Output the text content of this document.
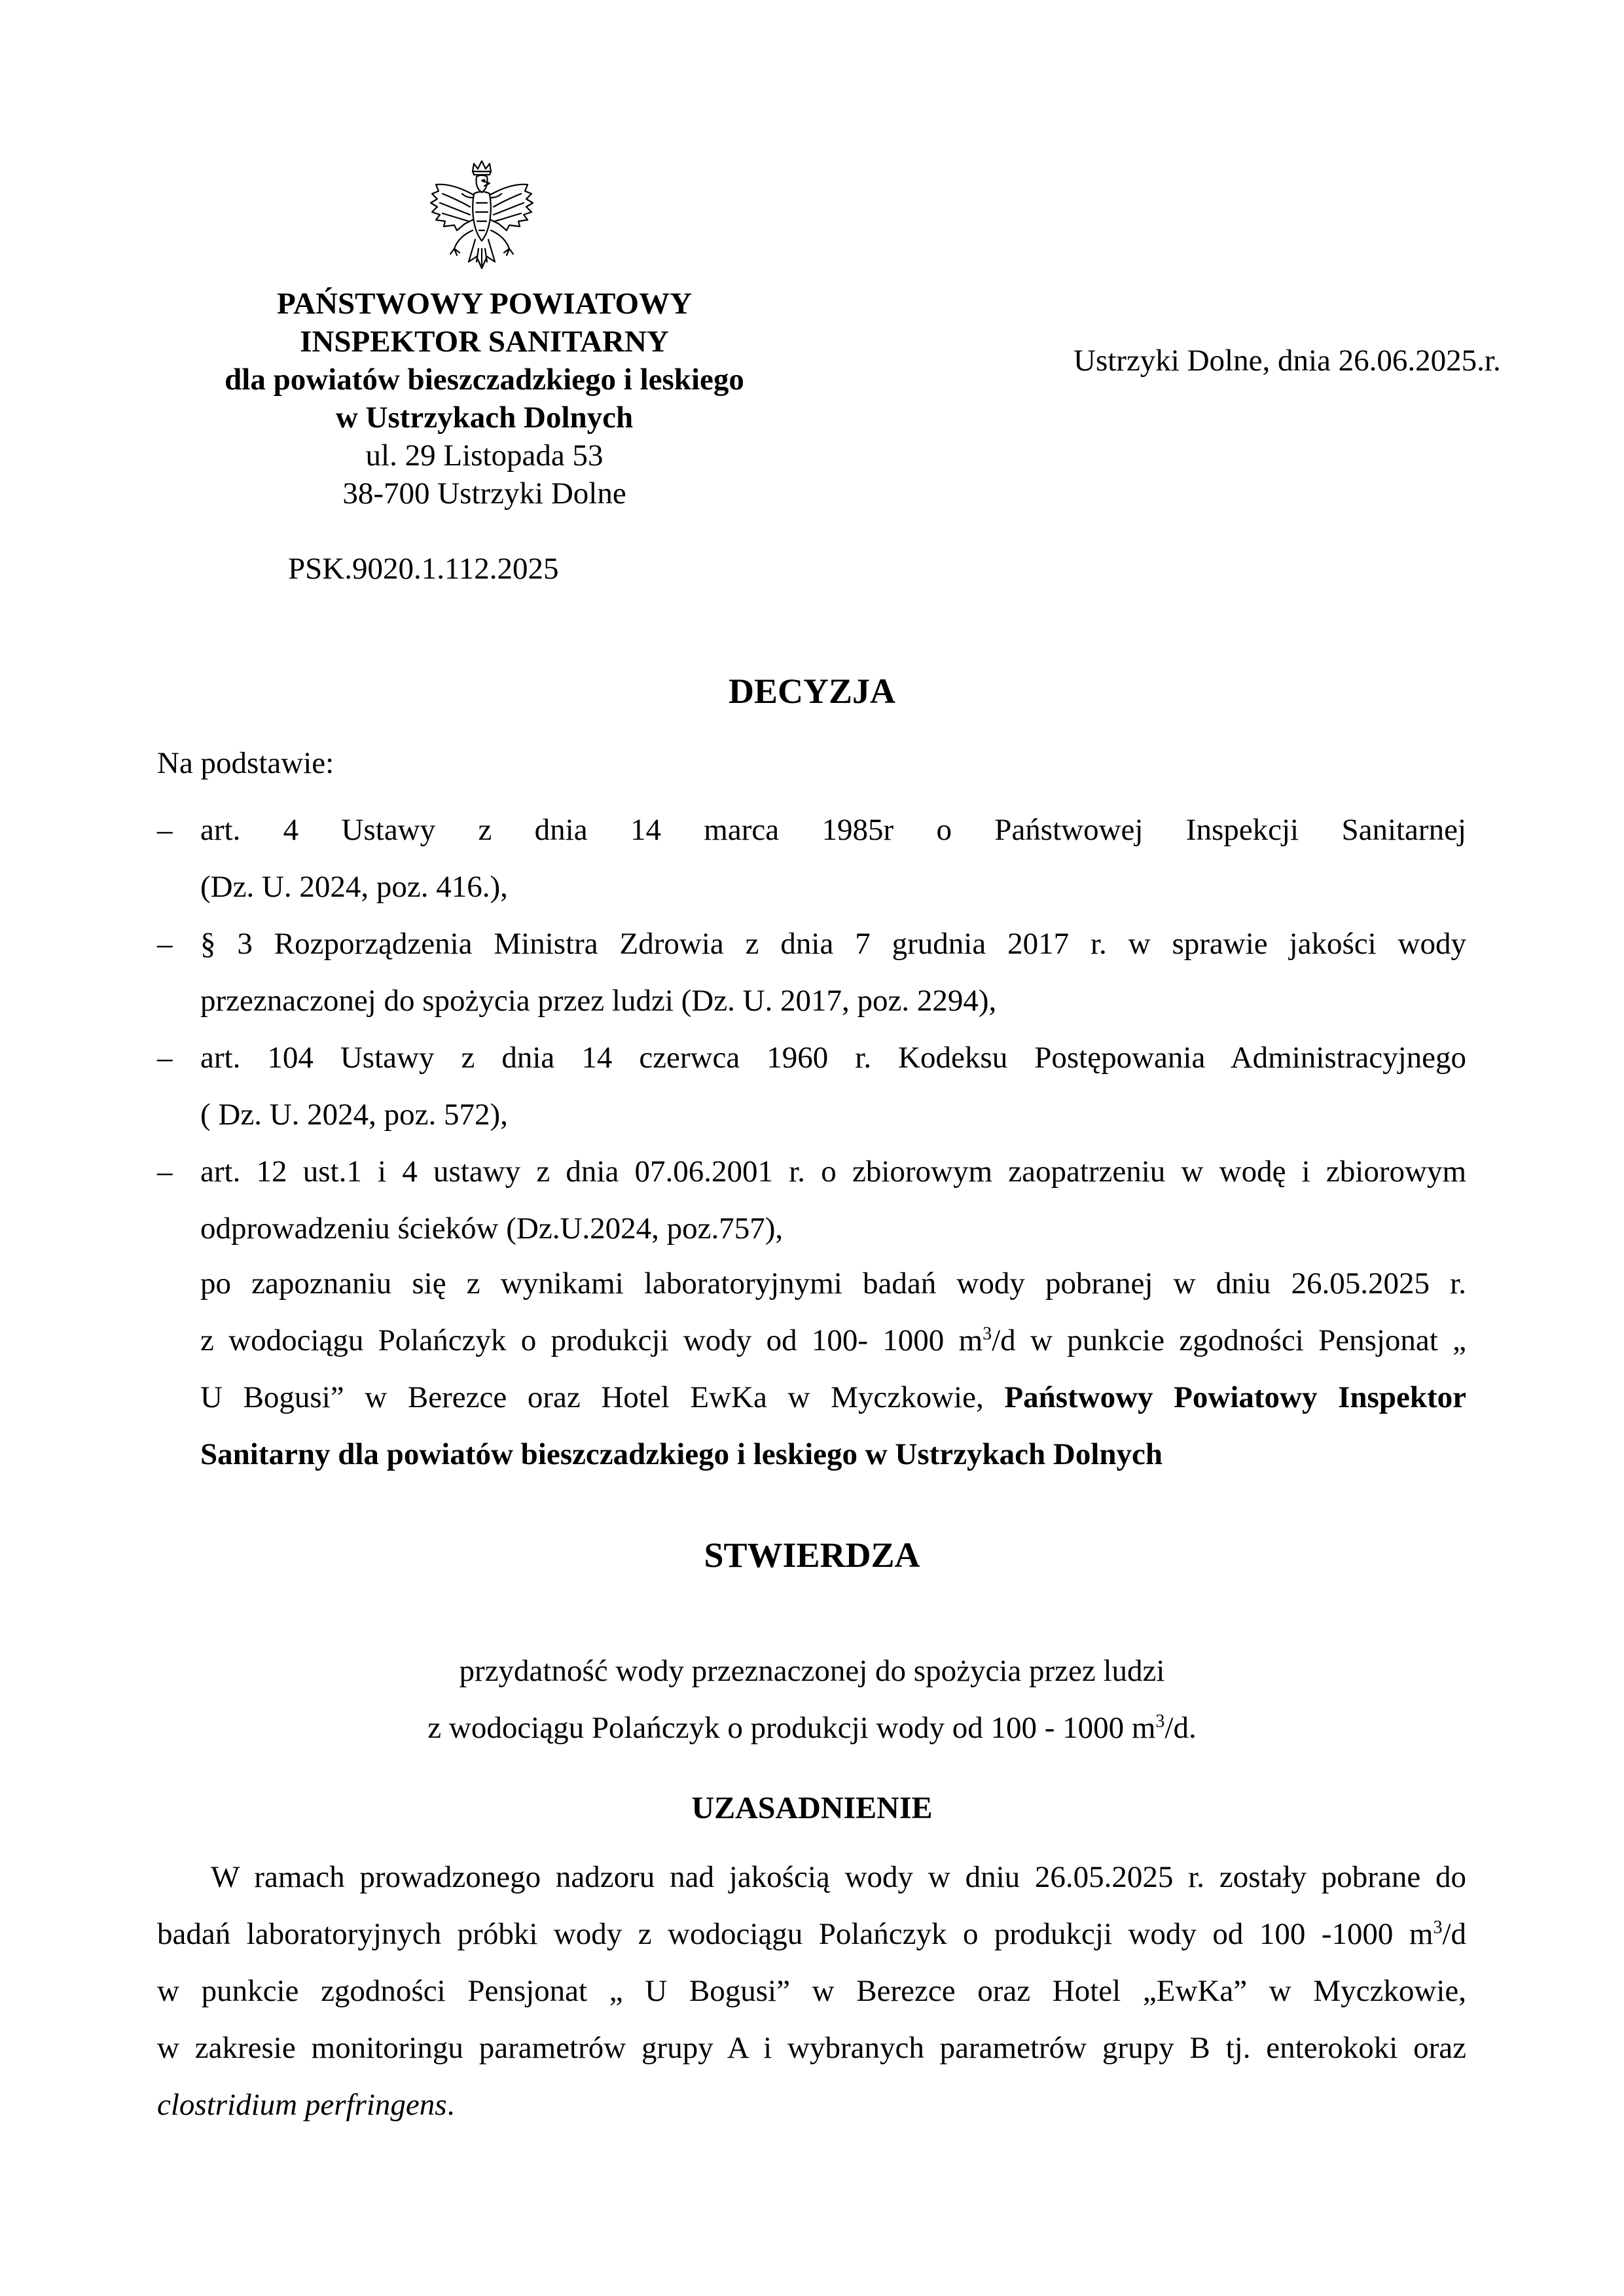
PAŃSTWOWY POWIATOWY
INSPEKTOR SANITARNY
dla powiatów bieszczadzkiego i leskiego
w Ustrzykach Dolnych
ul. 29 Listopada 53
38-700 Ustrzyki Dolne
Ustrzyki Dolne, dnia 26.06.2025.r.
PSK.9020.1.112.2025
DECYZJA
Na podstawie:
– art. 4 Ustawy z dnia 14 marca 1985r o Państwowej Inspekcji Sanitarnej
(Dz. U. 2024, poz. 416.),
– § 3 Rozporządzenia Ministra Zdrowia z dnia 7 grudnia 2017 r. w sprawie jakości wody
przeznaczonej do spożycia przez ludzi (Dz. U. 2017, poz. 2294),
– art. 104 Ustawy z dnia 14 czerwca 1960 r. Kodeksu Postępowania Administracyjnego
( Dz. U. 2024, poz. 572),
– art. 12 ust.1 i 4 ustawy z dnia 07.06.2001 r. o zbiorowym zaopatrzeniu w wodę i zbiorowym
odprowadzeniu ścieków (Dz.U.2024, poz.757),
po zapoznaniu się z wynikami laboratoryjnymi badań wody pobranej w dniu 26.05.2025 r.
z wodociągu Polańczyk o produkcji wody od 100- 1000 $m^3/d$ w punkcie zgodności Pensjonat „
U Bogusi” w Berezce oraz Hotel EwKa w Myczkowie, Państwowy Powiatowy Inspektor
Sanitarny dla powiatów bieszczadzkiego i leskiego w Ustrzykach Dolnych
STWIERDZA
przydatność wody przeznaczonej do spożycia przez ludzi
z wodociągu Polańczyk o produkcji wody od 100 - 1000 $m^3/d$.
UZASADNIENIE
W ramach prowadzonego nadzoru nad jakością wody w dniu 26.05.2025 r. zostały pobrane do
badań laboratoryjnych próbki wody z wodociągu Polańczyk o produkcji wody od 100 -1000 $m^3/d$
w punkcie zgodności Pensjonat „ U Bogusi” w Berezce oraz Hotel „EwKa” w Myczkowie,
w zakresie monitoringu parametrów grupy A i wybranych parametrów grupy B tj. enterokoki oraz
clostridium perfringens.
